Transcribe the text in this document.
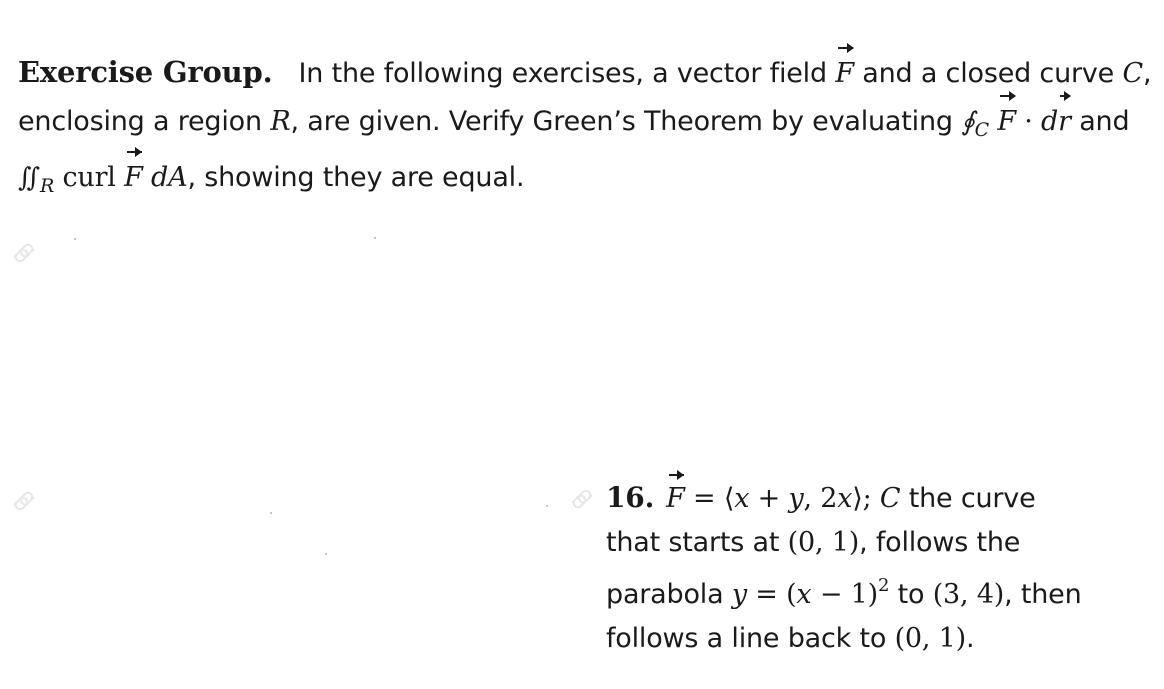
Exercise Group. In the following exercises, a vector field F and a closed curve C,
enclosing a region R, are given. Verify Green’s Theorem by evaluating $∮_C$ F · dr and
$∬_R$ curl F dA, showing they are equal.
16. F = ⟨x + y, 2x⟩; C the curve
that starts at (0, 1), follows the
parabola $y = (x - 1)^2$ to (3, 4), then
follows a line back to (0, 1).
